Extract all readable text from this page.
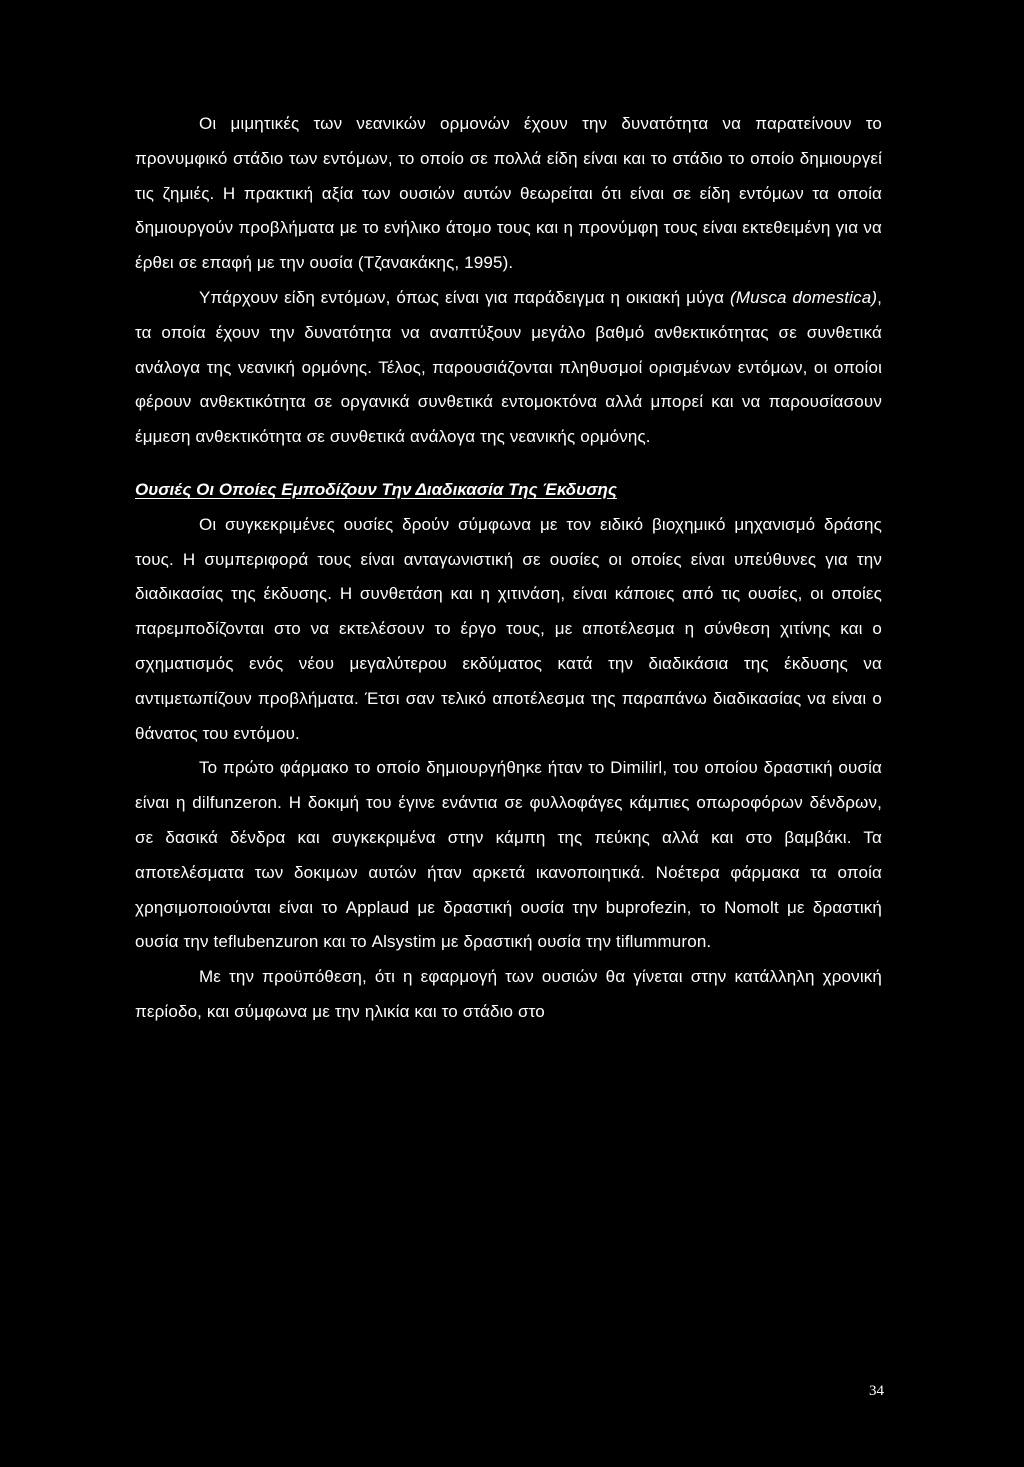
Οι μιμητικές των νεανικών ορμονών έχουν την δυνατότητα να παρατείνουν το προνυμφικό στάδιο των εντόμων, το οποίο σε πολλά είδη είναι και το στάδιο το οποίο δημιουργεί τις ζημιές. Η πρακτική αξία των ουσιών αυτών θεωρείται ότι είναι σε είδη εντόμων τα οποία δημιουργούν προβλήματα με το ενήλικο άτομο τους και η προνύμφη τους είναι εκτεθειμένη για να έρθει σε επαφή με την ουσία (Τζανακάκης, 1995).

Υπάρχουν είδη εντόμων, όπως είναι για παράδειγμα η οικιακή μύγα (Musca domestica), τα οποία έχουν την δυνατότητα να αναπτύξουν μεγάλο βαθμό ανθεκτικότητας σε συνθετικά ανάλογα της νεανική ορμόνης. Τέλος, παρουσιάζονται πληθυσμοί ορισμένων εντόμων, οι οποίοι φέρουν ανθεκτικότητα σε οργανικά συνθετικά εντομοκτόνα αλλά μπορεί και να παρουσίασουν έμμεση ανθεκτικότητα σε συνθετικά ανάλογα της νεανικής ορμόνης.

Ουσιές Οι Οποίες Εμποδίζουν Την Διαδικασία Της Έκδυσης

Οι συγκεκριμένες ουσίες δρούν σύμφωνα με τον ειδικό βιοχημικό μηχανισμό δράσης τους. Η συμπεριφορά τους είναι ανταγωνιστική σε ουσίες οι οποίες είναι υπεύθυνες για την διαδικασίας της έκδυσης. Η συνθετάση και η χιτινάση, είναι κάποιες από τις ουσίες, οι οποίες παρεμποδίζονται στο να εκτελέσουν το έργο τους, με αποτέλεσμα η σύνθεση χιτίνης και ο σχηματισμός ενός νέου μεγαλύτερου εκδύματος κατά την διαδικάσια της έκδυσης να αντιμετωπίζουν προβλήματα. Έτσι σαν τελικό αποτέλεσμα της παραπάνω διαδικασίας να είναι ο θάνατος του εντόμου.

Το πρώτο φάρμακο το οποίο δημιουργήθηκε ήταν το Dimilirl, του οποίου δραστική ουσία είναι η dilfunzeron. Η δοκιμή του έγινε ενάντια σε φυλλοφάγες κάμπιες οπωροφόρων δένδρων, σε δασικά δένδρα και συγκεκριμένα στην κάμπη της πεύκης αλλά και στο βαμβάκι. Τα αποτελέσματα των δοκιμων αυτών ήταν αρκετά ικανοποιητικά. Νοέτερα φάρμακα τα οποία χρησιμοποιούνται είναι το Applaud με δραστική ουσία την buprofezin, το Nomolt με δραστική ουσία την teflubenzuron και το Alsystim με δραστική ουσία την tiflummuron.

Με την προϋπόθεση, ότι η εφαρμογή των ουσιών θα γίνεται στην κατάλληλη χρονική περίοδο, και σύμφωνα με την ηλικία και το στάδιο στο

34
